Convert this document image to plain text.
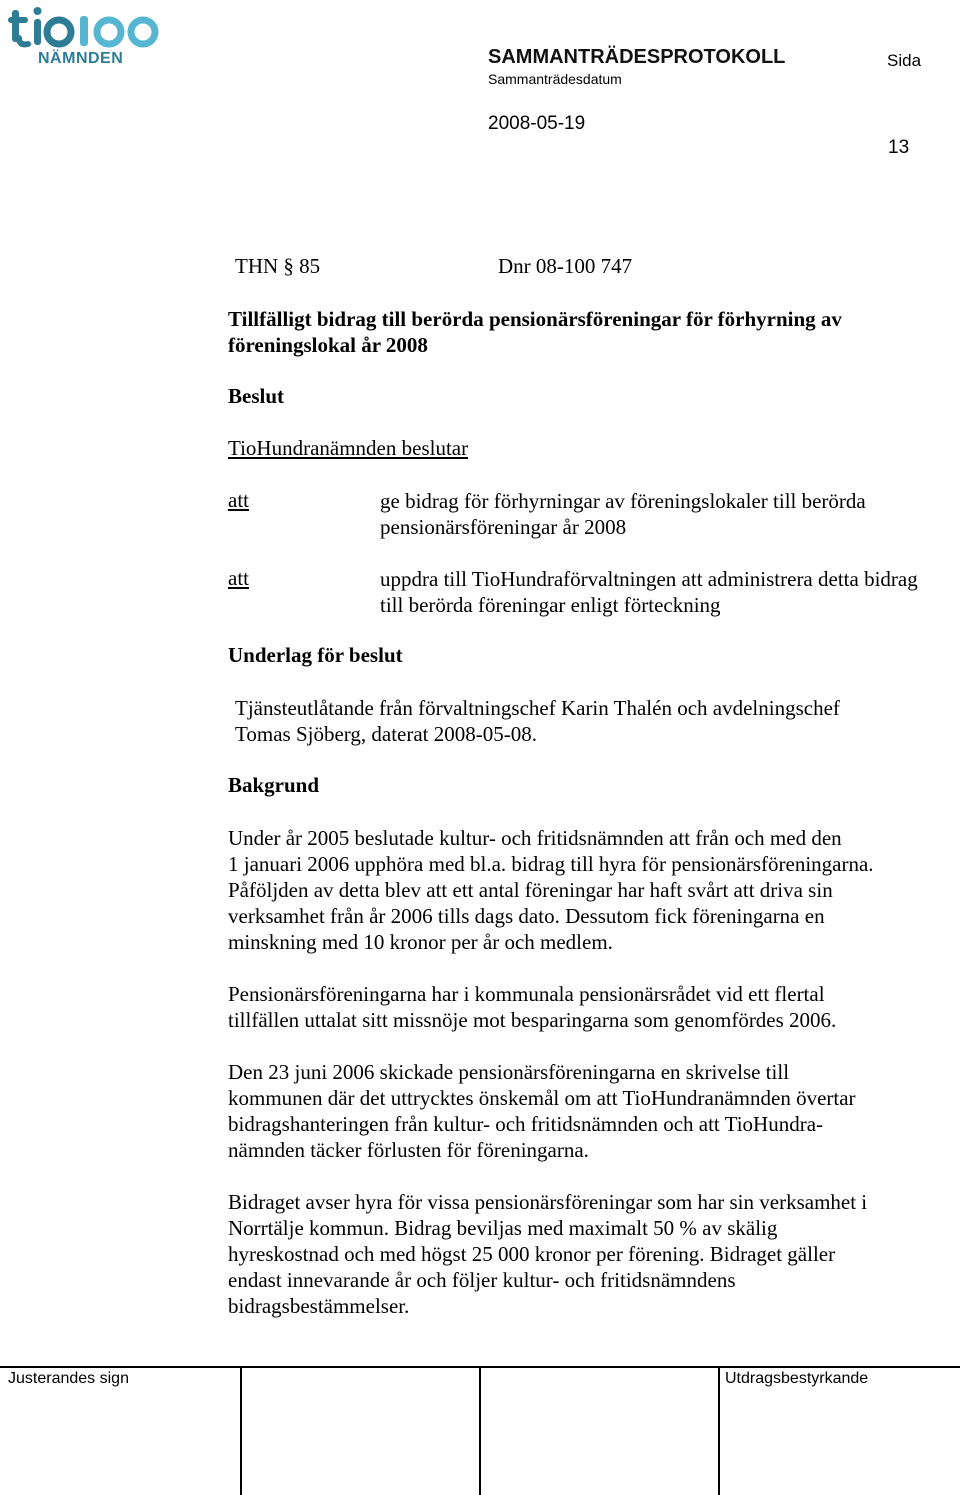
NÄMNDEN	SAMMANTRÄDESPROTOKOLL
Sammanträdesdatum
2008-05-19
Sida
13
THN § 85	Dnr 08-100 747
Tillfälligt bidrag till berörda pensionärsföreningar för förhyrning av föreningslokal år 2008
Beslut
TioHundranämnden beslutar
att	ge bidrag för förhyrningar av föreningslokaler till berörda pensionärsföreningar år 2008
att	uppdra till TioHundraförvaltningen att administrera detta bidrag till berörda föreningar enligt förteckning
Underlag för beslut
Tjänsteutlåtande från förvaltningschef Karin Thalén och avdelningschef
Tomas Sjöberg, daterat 2008-05-08.
Bakgrund
Under år 2005 beslutade kultur- och fritidsnämnden att från och med den
1 januari 2006 upphöra med bl.a. bidrag till hyra för pensionärsföreningarna.
Påföljden av detta blev att ett antal föreningar har haft svårt att driva sin
verksamhet från år 2006 tills dags dato. Dessutom fick föreningarna en
minskning med 10 kronor per år och medlem.
Pensionärsföreningarna har i kommunala pensionärsrådet vid ett flertal
tillfällen uttalat sitt missnöje mot besparingarna som genomfördes 2006.
Den 23 juni 2006 skickade pensionärsföreningarna en skrivelse till
kommunen där det uttrycktes önskemål om att TioHundranämnden övertar
bidragshanteringen från kultur- och fritidsnämnden och att TioHundra-
nämnden täcker förlusten för föreningarna.
Bidraget avser hyra för vissa pensionärsföreningar som har sin verksamhet i
Norrtälje kommun. Bidrag beviljas med maximalt 50 % av skälig
hyreskostnad och med högst 25 000 kronor per förening. Bidraget gäller
endast innevarande år och följer kultur- och fritidsnämndens
bidragsbestämmelser.
Justerandes sign	Utdragsbestyrkande
